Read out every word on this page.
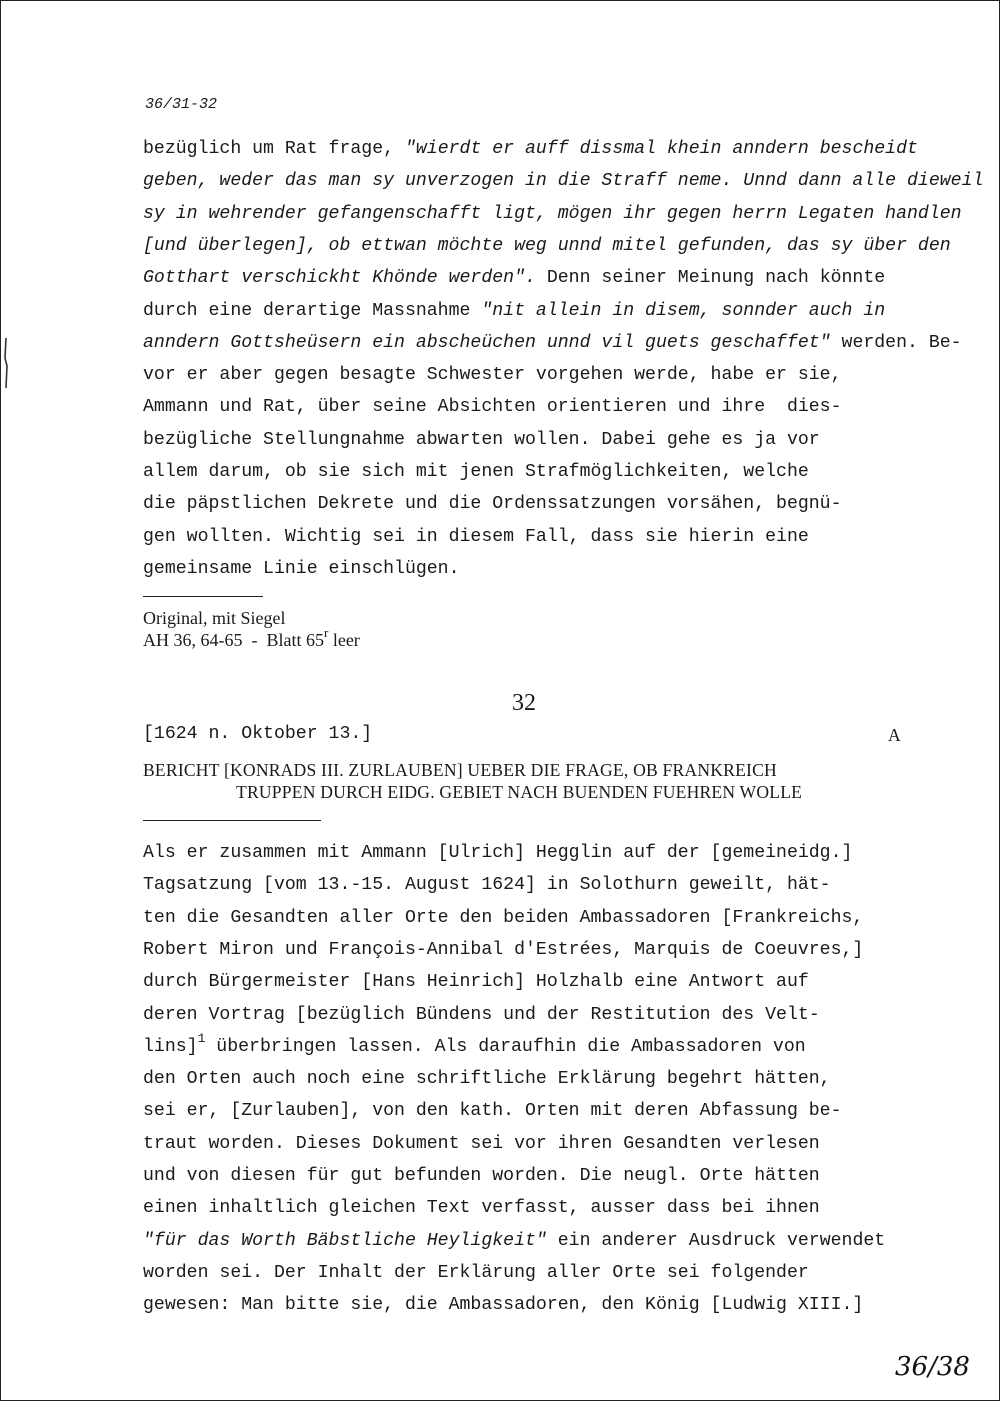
36/31-32
bezüglich um Rat frage, "wierdt er auff dissmal khein anndern bescheidt
geben, weder das man sy unverzogen in die Straff neme. Unnd dann alle dieweil
sy in wehrender gefangenschafft ligt, mögen ihr gegen herrn Legaten handlen
[und überlegen], ob ettwan möchte weg unnd mitel gefunden, das sy über den
Gotthart verschickht Khönde werden". Denn seiner Meinung nach könnte
durch eine derartige Massnahme "nit allein in disem, sonnder auch in
anndern Gottsheüsern ein abscheüchen unnd vil guets geschaffet" werden. Be-
vor er aber gegen besagte Schwester vorgehen werde, habe er sie,
Ammann und Rat, über seine Absichten orientieren und ihre  dies-
bezügliche Stellungnahme abwarten wollen. Dabei gehe es ja vor
allem darum, ob sie sich mit jenen Strafmöglichkeiten, welche
die päpstlichen Dekrete und die Ordenssatzungen vorsähen, begnü-
gen wollten. Wichtig sei in diesem Fall, dass sie hierin eine
gemeinsame Linie einschlügen.
Original, mit Siegel
AH 36, 64-65  -  Blatt 65$^r$ leer
32
[1624 n. Oktober 13.]	A
BERICHT [KONRADS III. ZURLAUBEN] UEBER DIE FRAGE, OB FRANKREICH
TRUPPEN DURCH EIDG. GEBIET NACH BUENDEN FUEHREN WOLLE
Als er zusammen mit Ammann [Ulrich] Hegglin auf der [gemeineidg.]
Tagsatzung [vom 13.-15. August 1624] in Solothurn geweilt, hät-
ten die Gesandten aller Orte den beiden Ambassadoren [Frankreichs,
Robert Miron und François-Annibal d'Estrées, Marquis de Coeuvres,]
durch Bürgermeister [Hans Heinrich] Holzhalb eine Antwort auf
deren Vortrag [bezüglich Bündens und der Restitution des Velt-
lins]$^1$ überbringen lassen. Als daraufhin die Ambassadoren von
den Orten auch noch eine schriftliche Erklärung begehrt hätten,
sei er, [Zurlauben], von den kath. Orten mit deren Abfassung be-
traut worden. Dieses Dokument sei vor ihren Gesandten verlesen
und von diesen für gut befunden worden. Die neugl. Orte hätten
einen inhaltlich gleichen Text verfasst, ausser dass bei ihnen
"für das Worth Bäbstliche Heyligkeit" ein anderer Ausdruck verwendet
worden sei. Der Inhalt der Erklärung aller Orte sei folgender
gewesen: Man bitte sie, die Ambassadoren, den König [Ludwig XIII.]
36/38
